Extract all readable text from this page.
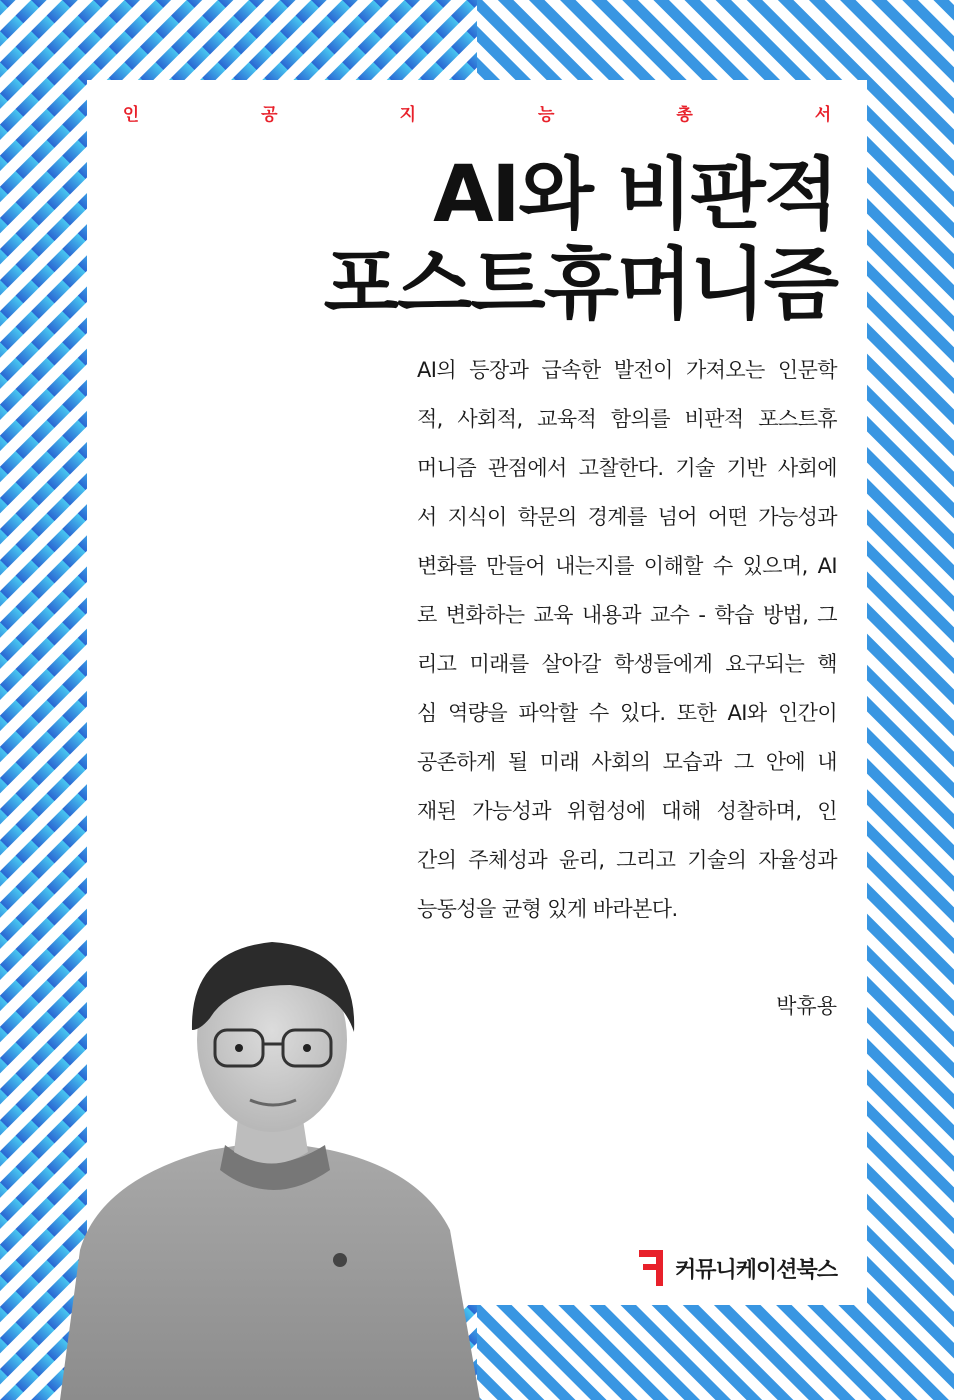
인	공	지	능	총	서
AI와 비판적
포스트휴머니즘
AI의 등장과 급속한 발전이 가져오는 인문학
적, 사회적, 교육적 함의를 비판적 포스트휴
머니즘 관점에서 고찰한다. 기술 기반 사회에
서 지식이 학문의 경계를 넘어 어떤 가능성과
변화를 만들어 내는지를 이해할 수 있으며, AI
로 변화하는 교육 내용과 교수 - 학습 방법, 그
리고 미래를 살아갈 학생들에게 요구되는 핵
심 역량을 파악할 수 있다. 또한 AI와 인간이
공존하게 될 미래 사회의 모습과 그 안에 내
재된 가능성과 위험성에 대해 성찰하며, 인
간의 주체성과 윤리, 그리고 기술의 자율성과
능동성을 균형 있게 바라본다.
박휴용
커뮤니케이션북스
